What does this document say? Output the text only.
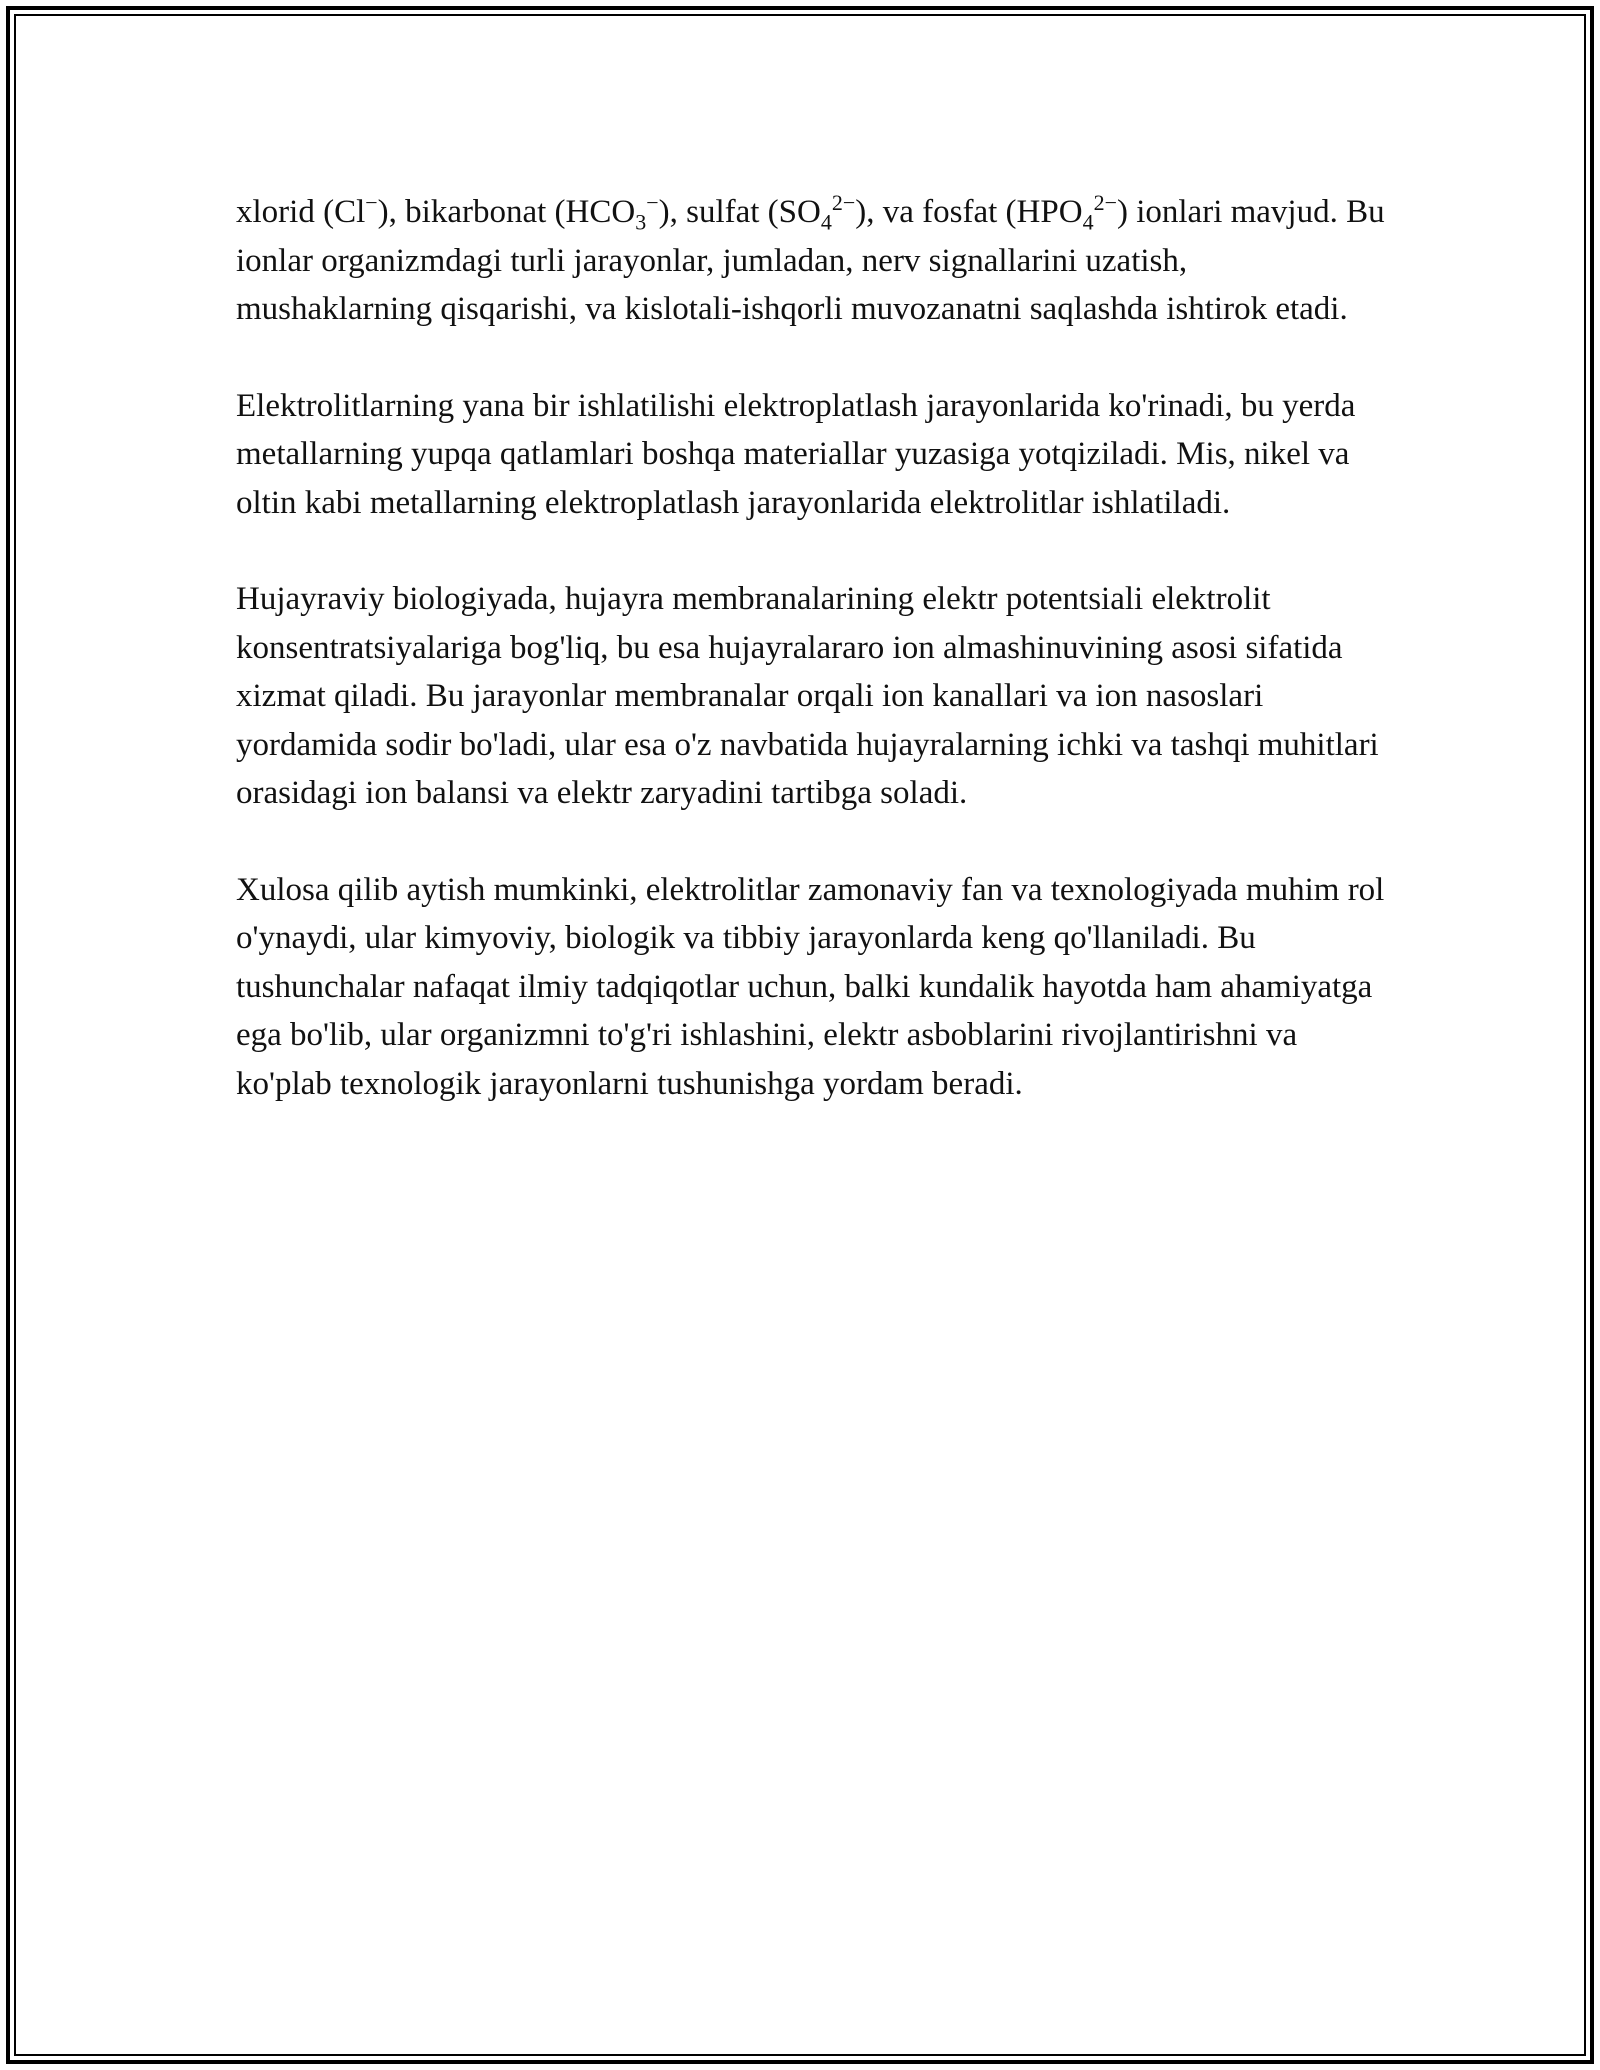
xlorid (Cl−), bikarbonat $(HCO_3^-)$, sulfat $(SO_4^{2-})$, va fosfat $(HPO_4^{2-})$ ionlari mavjud. Bu ionlar organizmdagi turli jarayonlar, jumladan, nerv signallarini uzatish, mushaklarning qisqarishi, va kislotali-ishqorli muvozanatni saqlashda ishtirok etadi.

Elektrolitlarning yana bir ishlatilishi elektroplatlash jarayonlarida ko'rinadi, bu yerda metallarning yupqa qatlamlari boshqa materiallar yuzasiga yotqiziladi. Mis, nikel va oltin kabi metallarning elektroplatlash jarayonlarida elektrolitlar ishlatiladi.

Hujayraviy biologiyada, hujayra membranalarining elektr potentsiali elektrolit konsentratsiyalariga bog'liq, bu esa hujayralararo ion almashinuvining asosi sifatida xizmat qiladi. Bu jarayonlar membranalar orqali ion kanallari va ion nasoslari yordamida sodir bo'ladi, ular esa o'z navbatida hujayralarning ichki va tashqi muhitlari orasidagi ion balansi va elektr zaryadini tartibga soladi.

Xulosa qilib aytish mumkinki, elektrolitlar zamonaviy fan va texnologiyada muhim rol o'ynaydi, ular kimyoviy, biologik va tibbiy jarayonlarda keng qo'llaniladi. Bu tushunchalar nafaqat ilmiy tadqiqotlar uchun, balki kundalik hayotda ham ahamiyatga ega bo'lib, ular organizmni to'g'ri ishlashini, elektr asboblarini rivojlantirishni va ko'plab texnologik jarayonlarni tushunishga yordam beradi.
